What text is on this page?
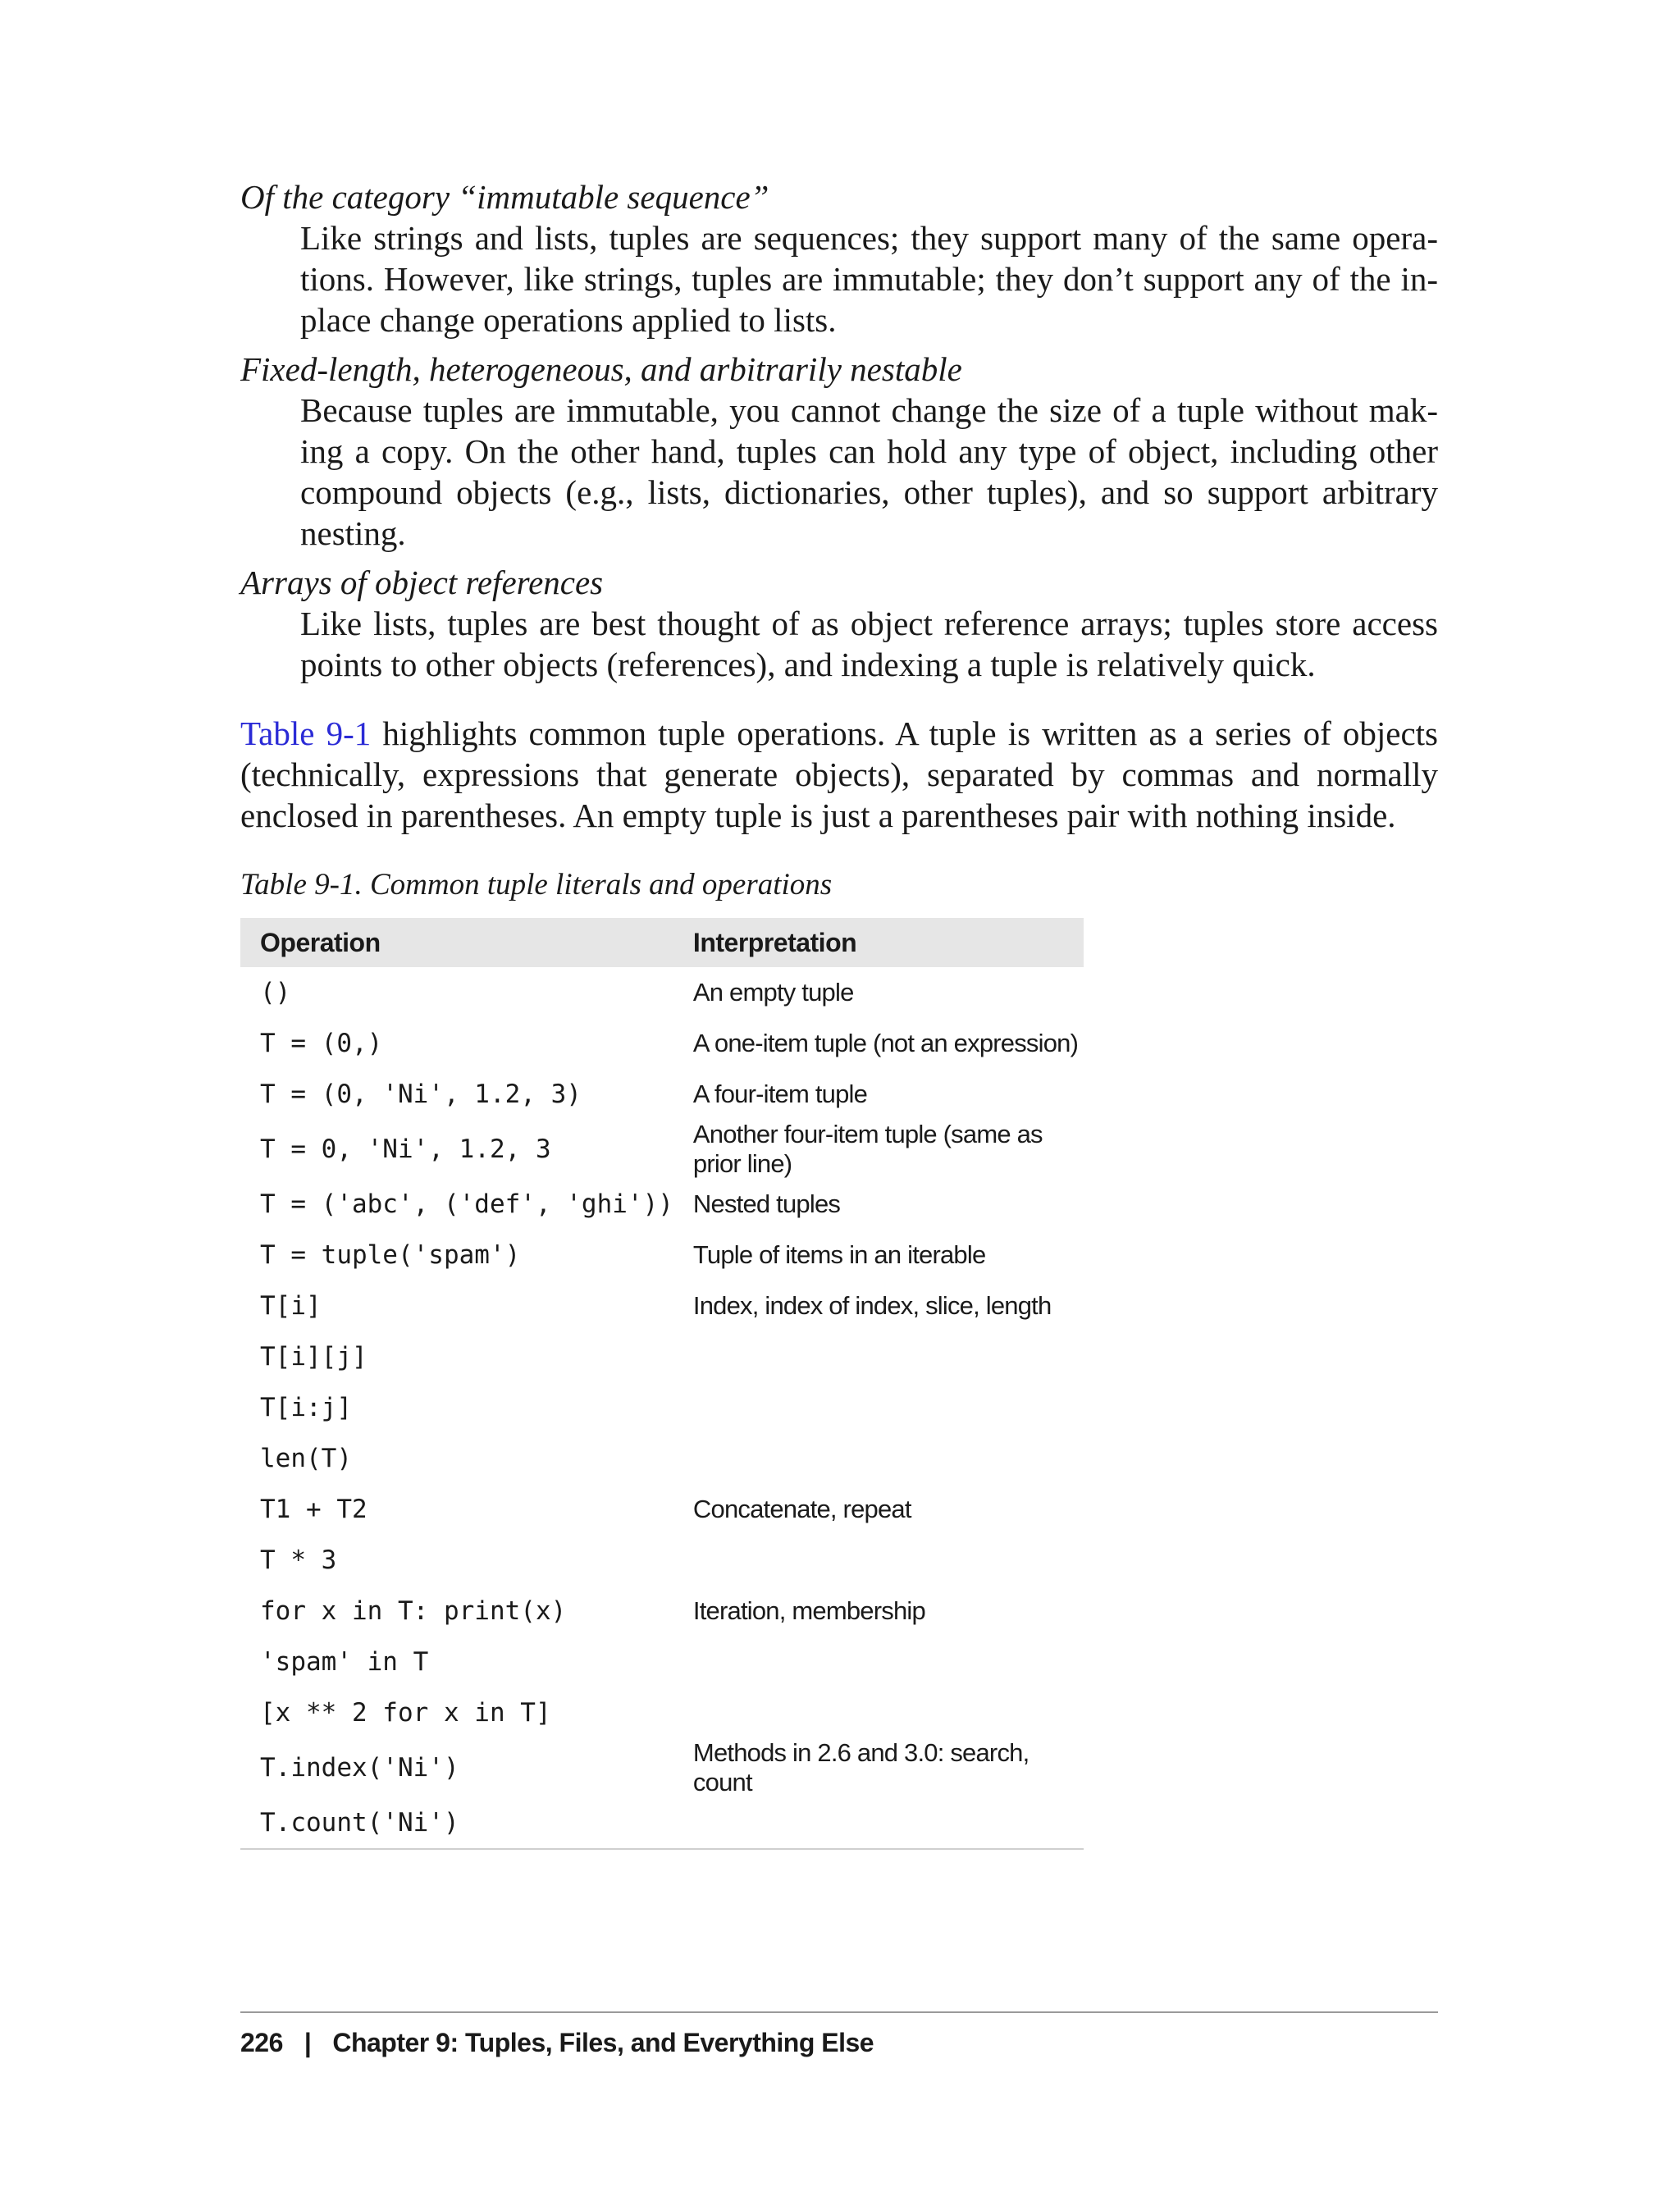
Of the category “immutable sequence”
Like strings and lists, tuples are sequences; they support many of the same opera-tions. However, like strings, tuples are immutable; they don’t support any of the in-place change operations applied to lists.
Fixed-length, heterogeneous, and arbitrarily nestable
Because tuples are immutable, you cannot change the size of a tuple without mak-ing a copy. On the other hand, tuples can hold any type of object, including other compound objects (e.g., lists, dictionaries, other tuples), and so support arbitrary nesting.
Arrays of object references
Like lists, tuples are best thought of as object reference arrays; tuples store access points to other objects (references), and indexing a tuple is relatively quick.

Table 9-1 highlights common tuple operations. A tuple is written as a series of objects (technically, expressions that generate objects), separated by commas and normally enclosed in parentheses. An empty tuple is just a parentheses pair with nothing inside.

Table 9-1. Common tuple literals and operations
Operation	Interpretation
()	An empty tuple
T = (0,)	A one-item tuple (not an expression)
T = (0, 'Ni', 1.2, 3)	A four-item tuple
T = 0, 'Ni', 1.2, 3	Another four-item tuple (same as prior line)
T = ('abc', ('def', 'ghi'))	Nested tuples
T = tuple('spam')	Tuple of items in an iterable
T[i]	Index, index of index, slice, length
T[i][j]	
T[i:j]	
len(T)	
T1 + T2	Concatenate, repeat
T * 3	
for x in T: print(x)	Iteration, membership
'spam' in T	
[x ** 2 for x in T]	
T.index('Ni')	Methods in 2.6 and 3.0: search, count
T.count('Ni')	
226 | Chapter 9: Tuples, Files, and Everything Else
